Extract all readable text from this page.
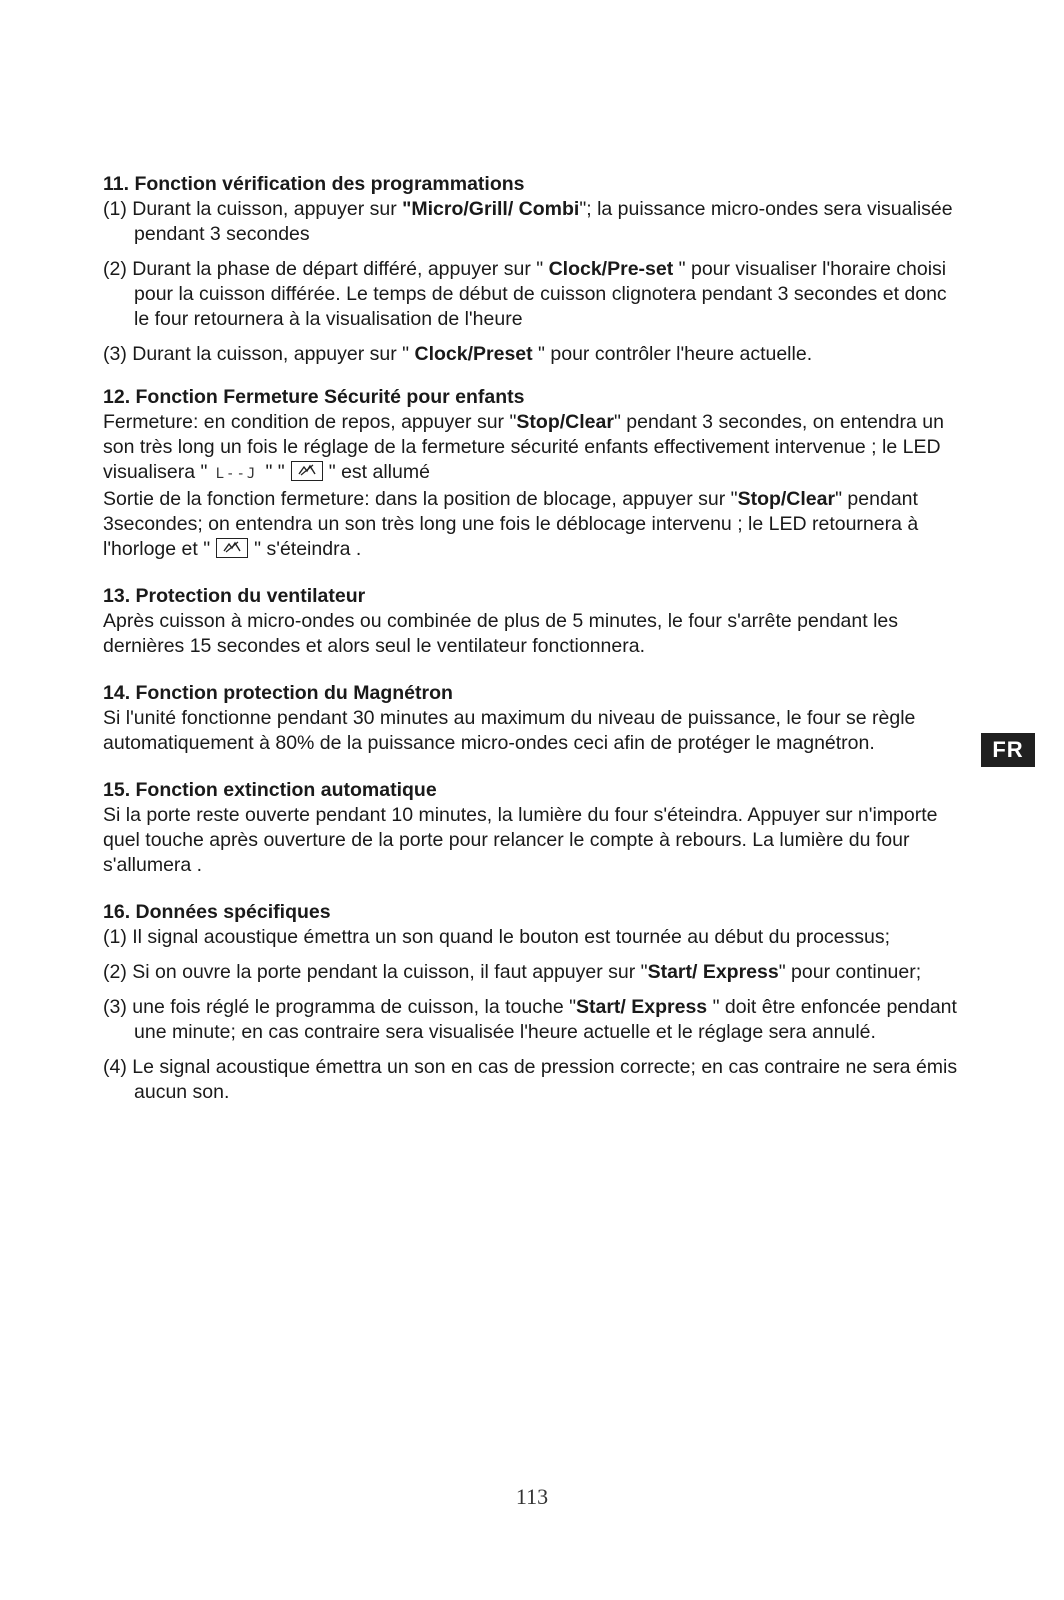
11. Fonction vérification des programmations

(1) Durant la cuisson, appuyer sur "Micro/Grill/ Combi"; la puissance micro-ondes sera visualisée pendant 3 secondes

(2) Durant la phase de départ différé, appuyer sur " Clock/Pre-set " pour visualiser l'horaire choisi pour la cuisson différée. Le temps de début de cuisson clignotera pendant 3 secondes et donc le four retournera à la visualisation de l'heure

(3) Durant la cuisson, appuyer sur " Clock/Preset " pour contrôler l'heure actuelle.

12. Fonction Fermeture Sécurité pour enfants

Fermeture: en condition de repos, appuyer sur "Stop/Clear" pendant 3 secondes, on entendra un son très long un fois le réglage de la fermeture sécurité enfants effectivement intervenue ; le LED visualisera " L--J " " " est allumé

Sortie de la fonction fermeture: dans la position de blocage, appuyer sur "Stop/Clear" pendant 3secondes; on entendra un son très long une fois le déblocage intervenu ; le LED retournera à l'horloge et " " s'éteindra .

13. Protection du ventilateur

Après cuisson à micro-ondes ou combinée de plus de 5 minutes, le four s'arrête pendant les dernières 15 secondes et alors seul le ventilateur fonctionnera.

14. Fonction protection du Magnétron

Si l'unité fonctionne pendant 30 minutes au maximum du niveau de puissance, le four se règle automatiquement à 80% de la puissance micro-ondes ceci afin de protéger le magnétron.

15. Fonction extinction automatique

Si la porte reste ouverte pendant 10 minutes, la lumière du four s'éteindra. Appuyer sur n'importe quel touche après ouverture de la porte pour relancer le compte à rebours. La lumière du four s'allumera .

16. Données spécifiques

(1) Il signal acoustique émettra un son quand le bouton est tournée au début du processus;

(2) Si on ouvre la porte pendant la cuisson, il faut appuyer sur "Start/ Express" pour continuer;

(3) une fois réglé le programma de cuisson, la touche "Start/ Express " doit être enfoncée pendant une minute; en cas contraire sera visualisée l'heure actuelle et le réglage sera annulé.

(4) Le signal acoustique émettra un son en cas de pression correcte; en cas contraire ne sera émis aucun son.

FR
113
